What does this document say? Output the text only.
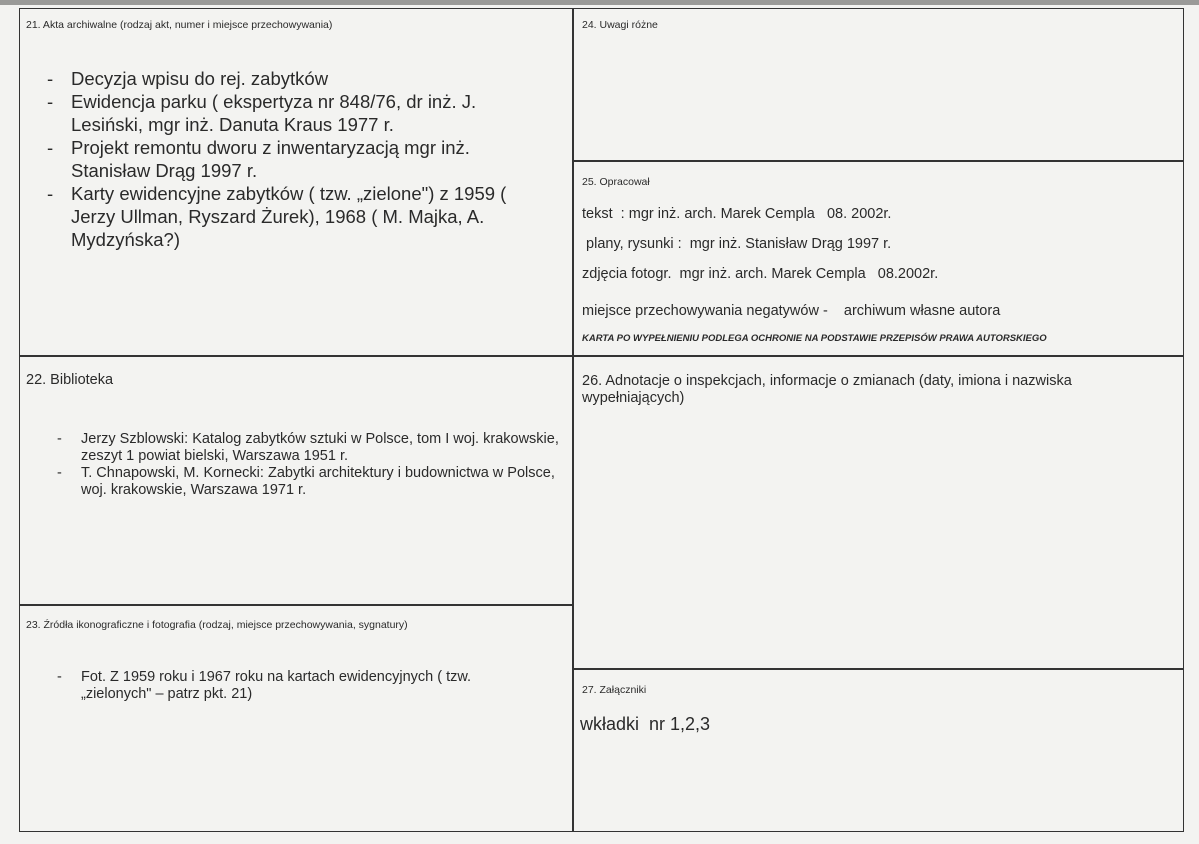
21. Akta archiwalne (rodzaj akt, numer i miejsce przechowywania)
- Decyzja wpisu do rej. zabytków
- Ewidencja parku ( ekspertyza nr 848/76, dr inż. J. Lesiński, mgr inż. Danuta Kraus 1977 r.
- Projekt remontu dworu z inwentaryzacją mgr inż. Stanisław Drąg 1997 r.
- Karty ewidencyjne zabytków ( tzw. „zielone") z 1959 ( Jerzy Ullman, Ryszard Żurek), 1968 ( M. Majka, A. Mydzyńska?)
22. Biblioteka
- Jerzy Szblowski: Katalog zabytków sztuki w Polsce, tom I woj. krakowskie, zeszyt 1 powiat bielski, Warszawa 1951 r.
- T. Chnapowski, M. Kornecki: Zabytki architektury i budownictwa w Polsce, woj. krakowskie, Warszawa 1971 r.
23. Źródła ikonograficzne i fotografia (rodzaj, miejsce przechowywania, sygnatury)
- Fot. Z 1959 roku i 1967 roku na kartach ewidencyjnych ( tzw. „zielonych" – patrz pkt. 21)
24. Uwagi różne
25. Opracował
tekst  : mgr inż. arch. Marek Cempla   08. 2002r.
plany, rysunki :  mgr inż. Stanisław Drąg 1997 r.
zdjęcia fotogr.  mgr inż. arch. Marek Cempla   08.2002r.
miejsce przechowywania negatywów -    archiwum własne autora
KARTA PO WYPEŁNIENIU PODLEGA OCHRONIE NA PODSTAWIE PRZEPISÓW PRAWA AUTORSKIEGO
26. Adnotacje o inspekcjach, informacje o zmianach (daty, imiona i nazwiska wypełniających)
27. Załączniki
wkładki  nr 1,2,3
